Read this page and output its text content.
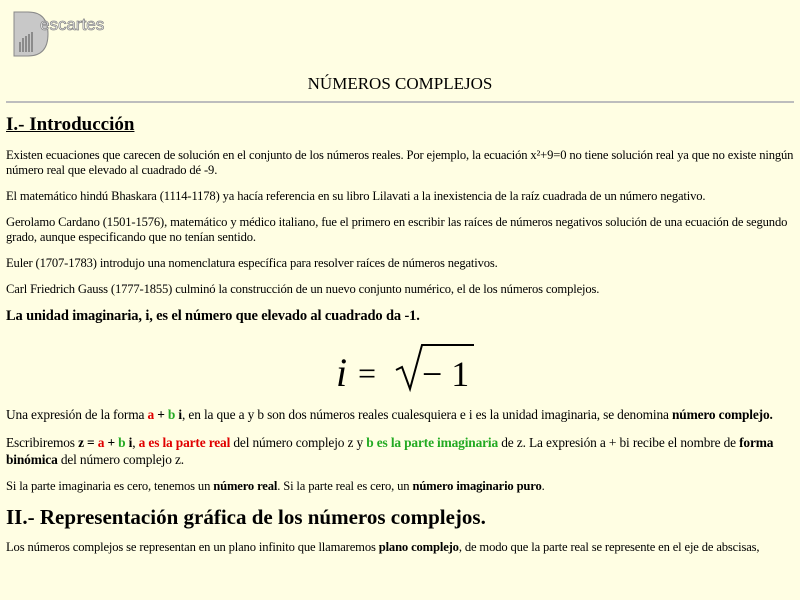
escartes
NÚMEROS COMPLEJOS
I.- Introducción

Existen ecuaciones que carecen de solución en el conjunto de los números reales. Por ejemplo, la ecuación x²+9=0 no tiene solución real ya que no existe ningún número real que elevado al cuadrado dé -9.

El matemático hindú Bhaskara (1114-1178) ya hacía referencia en su libro Lilavati a la inexistencia de la raíz cuadrada de un número negativo.

Gerolamo Cardano (1501-1576), matemático y médico italiano, fue el primero en escribir las raíces de números negativos solución de una ecuación de segundo grado, aunque especificando que no tenían sentido.

Euler (1707-1783) introdujo una nomenclatura específica para resolver raíces de números negativos.

Carl Friedrich Gauss (1777-1855) culminó la construcción de un nuevo conjunto numérico, el de los números complejos.

La unidad imaginaria, i, es el número que elevado al cuadrado da -1.

i = − 1

Una expresión de la forma a + b i, en la que a y b son dos números reales cualesquiera e i es la unidad imaginaria, se denomina número complejo.

Escribiremos z = a + b i, a es la parte real del número complejo z y b es la parte imaginaria de z. La expresión a + bi recibe el nombre de forma binómica del número complejo z.

Si la parte imaginaria es cero, tenemos un número real. Si la parte real es cero, un número imaginario puro.

II.- Representación gráfica de los números complejos.

Los números complejos se representan en un plano infinito que llamaremos plano complejo, de modo que la parte real se represente en el eje de abscisas,
